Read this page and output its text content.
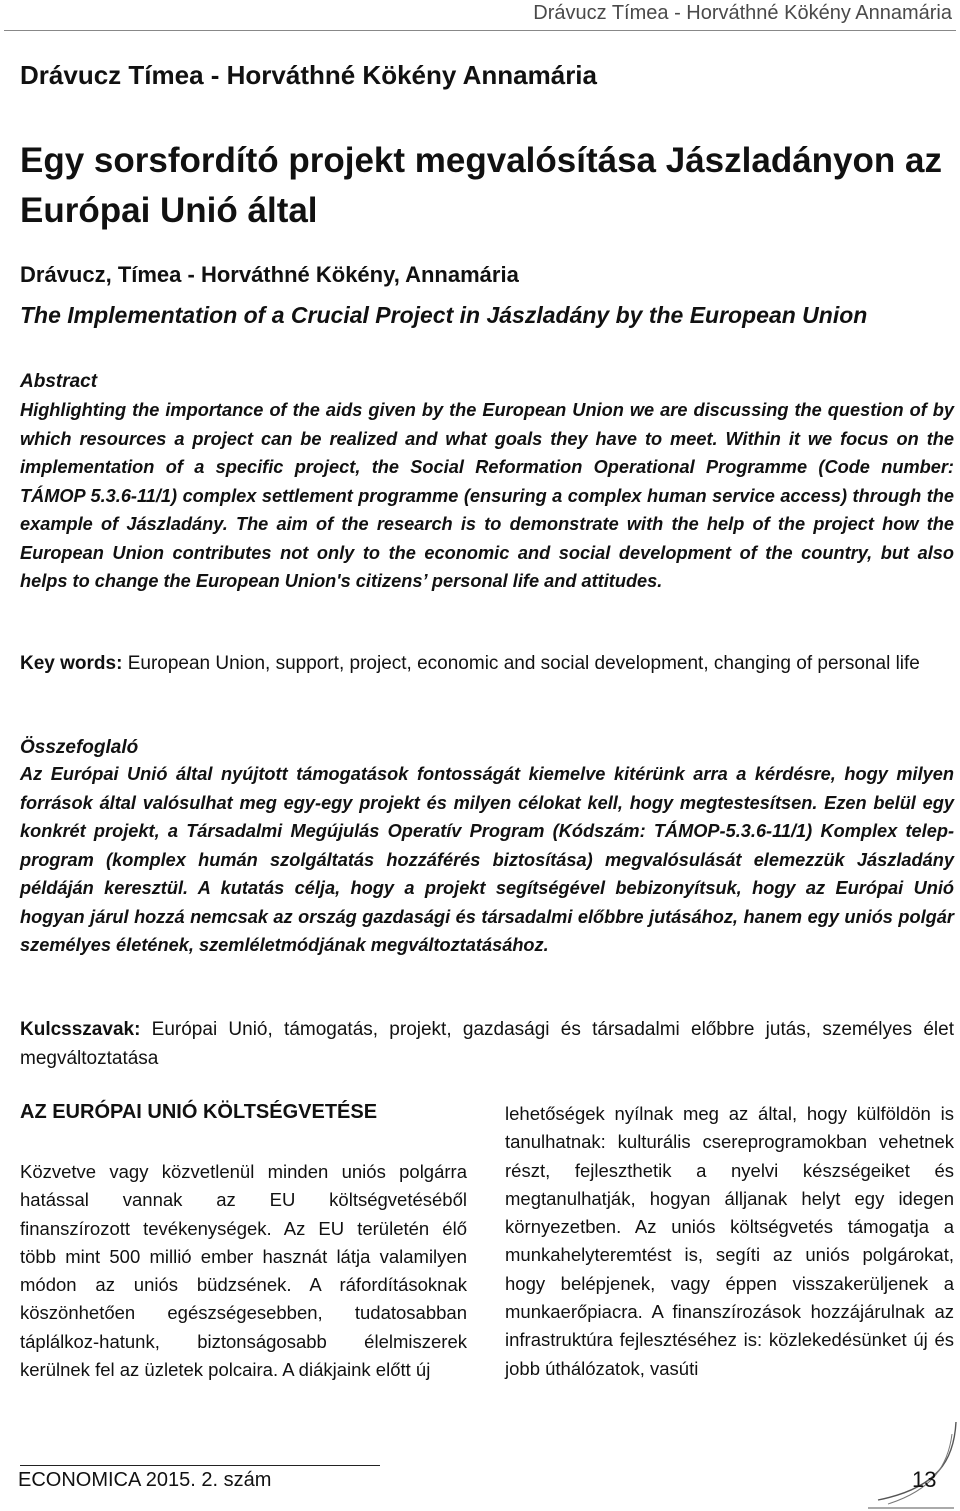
Drávucz Tímea - Horváthné Kökény Annamária
Drávucz Tímea - Horváthné Kökény Annamária
Egy sorsfordító projekt megvalósítása Jászladányon az Európai Unió által
Drávucz, Tímea - Horváthné Kökény, Annamária
The Implementation of a Crucial Project in Jászladány by the European Union
Abstract
Highlighting the importance of the aids given by the European Union we are discussing the question of by which resources a project can be realized and what goals they have to meet. Within it we focus on the implementation of a specific project, the Social Reformation Operational Programme (Code number: TÁMOP 5.3.6-11/1) complex settlement programme (ensuring a complex human service access) through the example of Jászladány. The aim of the research is to demonstrate with the help of the project how the European Union contributes not only to the economic and social development of the country, but also helps to change the European Union's citizens’ personal life and attitudes.
Key words: European Union, support, project, economic and social development, changing of personal life
Összefoglaló
Az Európai Unió által nyújtott támogatások fontosságát kiemelve kitérünk arra a kérdésre, hogy milyen források által valósulhat meg egy-egy projekt és milyen célokat kell, hogy megtestesítsen. Ezen belül egy konkrét projekt, a Társadalmi Megújulás Operatív Program (Kódszám: TÁMOP-5.3.6-11/1) Komplex telep-program (komplex humán szolgáltatás hozzáférés biztosítása) megvalósulását elemezzük Jászladány példáján keresztül. A kutatás célja, hogy a projekt segítségével bebizonyítsuk, hogy az Európai Unió hogyan járul hozzá nemcsak az ország gazdasági és társadalmi előbbre jutásához, hanem egy uniós polgár személyes életének, szemléletmódjának megváltoztatásához.
Kulcsszavak: Európai Unió, támogatás, projekt, gazdasági és társadalmi előbbre jutás, személyes élet megváltoztatása
AZ EURÓPAI UNIÓ KÖLTSÉGVETÉSE
Közvetve vagy közvetlenül minden uniós polgárra hatással vannak az EU költségvetéséből finanszírozott tevékenységek. Az EU területén élő több mint 500 millió ember hasznát látja valamilyen módon az uniós büdzsének. A ráfordításoknak köszönhetően egészségesebben, tudatosabban táplálkoz-hatunk, biztonságosabb élelmiszerek kerülnek fel az üzletek polcaira. A diákjaink előtt új
lehetőségek nyílnak meg az által, hogy külföldön is tanulhatnak: kulturális csereprogramokban vehetnek részt, fejleszthetik a nyelvi készségeiket és megtanulhatják, hogyan álljanak helyt egy idegen környezetben. Az uniós költségvetés támogatja a munkahelyteremtést is, segíti az uniós polgárokat, hogy belépjenek, vagy éppen visszakerüljenek a munkaerőpiacra. A finanszírozások hozzájárulnak az infrastruktúra fejlesztéséhez is: közlekedésünket új és jobb úthálózatok, vasúti
ECONOMICA 2015. 2. szám	13
